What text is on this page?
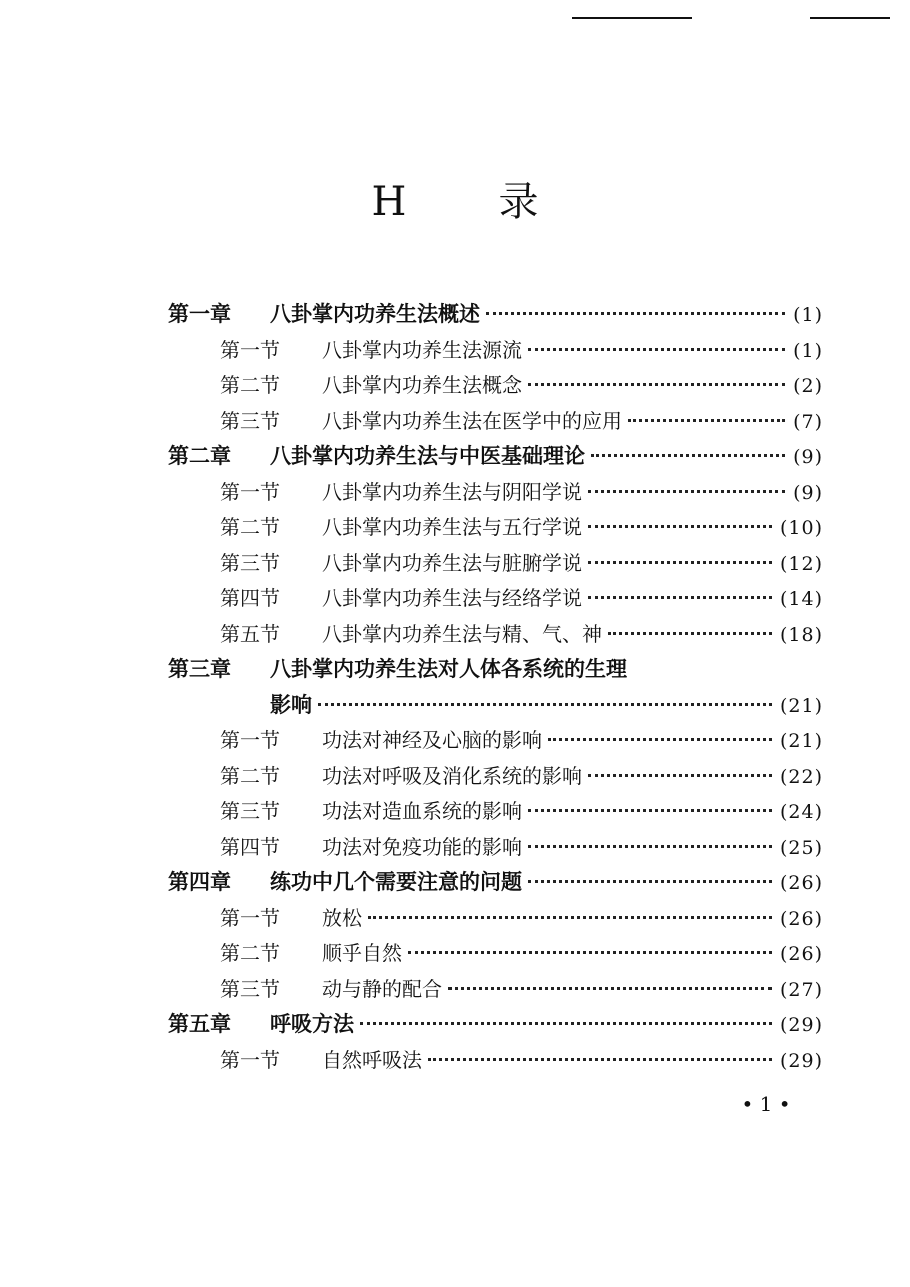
H 录
第一章	八卦掌内功养生法概述	(1)
第一节	八卦掌内功养生法源流	(1)
第二节	八卦掌内功养生法概念	(2)
第三节	八卦掌内功养生法在医学中的应用	(7)
第二章	八卦掌内功养生法与中医基础理论	(9)
第一节	八卦掌内功养生法与阴阳学说	(9)
第二节	八卦掌内功养生法与五行学说	(10)
第三节	八卦掌内功养生法与脏腑学说	(12)
第四节	八卦掌内功养生法与经络学说	(14)
第五节	八卦掌内功养生法与精、气、神	(18)
第三章	八卦掌内功养生法对人体各系统的生理
影响	(21)
第一节	功法对神经及心脑的影响	(21)
第二节	功法对呼吸及消化系统的影响	(22)
第三节	功法对造血系统的影响	(24)
第四节	功法对免疫功能的影响	(25)
第四章	练功中几个需要注意的问题	(26)
第一节	放松	(26)
第二节	顺乎自然	(26)
第三节	动与静的配合	(27)
第五章	呼吸方法	(29)
第一节	自然呼吸法	(29)
• 1 •
